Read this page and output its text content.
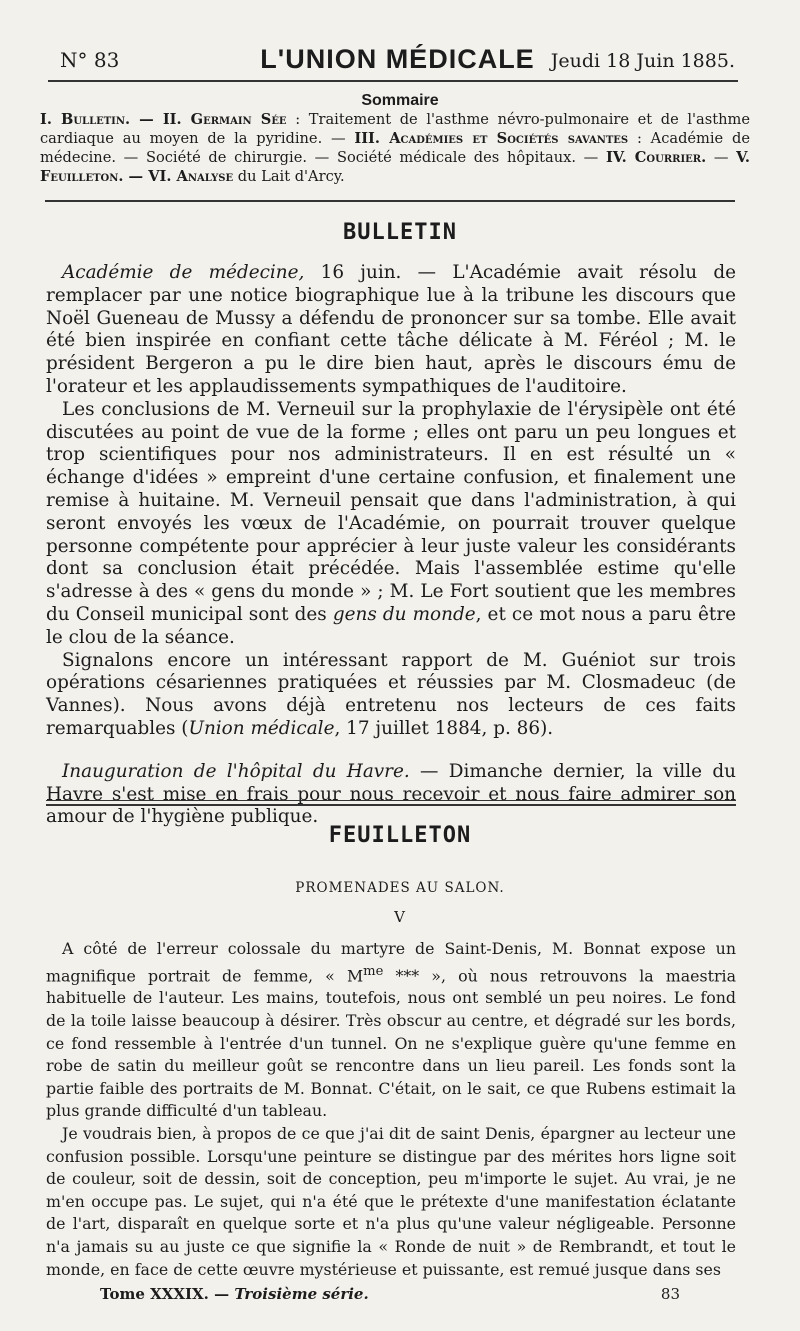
N° 83	L'UNION MÉDICALE Jeudi 18 Juin 1885.
Sommaire
I. Bulletin. — II. Germain Sée : Traitement de l'asthme névro-pulmonaire et de l'asthme cardiaque au moyen de la pyridine. — III. Académies et Sociétés savantes : Académie de médecine. — Société de chirurgie. — Société médicale des hôpitaux. — IV. Courrier. — V. Feuilleton. — VI. Analyse du Lait d'Arcy.
BULLETIN

Académie de médecine, 16 juin. — L'Académie avait résolu de remplacer par une notice biographique lue à la tribune les discours que Noël Gueneau de Mussy a défendu de prononcer sur sa tombe. Elle avait été bien inspirée en confiant cette tâche délicate à M. Féréol ; M. le président Bergeron a pu le dire bien haut, après le discours ému de l'orateur et les applaudissements sympathiques de l'auditoire.

Les conclusions de M. Verneuil sur la prophylaxie de l'érysipèle ont été discutées au point de vue de la forme ; elles ont paru un peu longues et trop scientifiques pour nos administrateurs. Il en est résulté un « échange d'idées » empreint d'une certaine confusion, et finalement une remise à huitaine. M. Verneuil pensait que dans l'administration, à qui seront envoyés les vœux de l'Académie, on pourrait trouver quelque personne compétente pour apprécier à leur juste valeur les considérants dont sa conclusion était précédée. Mais l'assemblée estime qu'elle s'adresse à des « gens du monde » ; M. Le Fort soutient que les membres du Conseil municipal sont des gens du monde, et ce mot nous a paru être le clou de la séance.

Signalons encore un intéressant rapport de M. Guéniot sur trois opérations césariennes pratiquées et réussies par M. Closmadeuc (de Vannes). Nous avons déjà entretenu nos lecteurs de ces faits remarquables (Union médicale, 17 juillet 1884, p. 86).

Inauguration de l'hôpital du Havre. — Dimanche dernier, la ville du Havre s'est mise en frais pour nous recevoir et nous faire admirer son amour de l'hygiène publique.

FEUILLETON
PROMENADES AU SALON.
V

A côté de l'erreur colossale du martyre de Saint-Denis, M. Bonnat expose un magnifique portrait de femme, « $M^{me}$ *** », où nous retrouvons la maestria habituelle de l'auteur. Les mains, toutefois, nous ont semblé un peu noires. Le fond de la toile laisse beaucoup à désirer. Très obscur au centre, et dégradé sur les bords, ce fond ressemble à l'entrée d'un tunnel. On ne s'explique guère qu'une femme en robe de satin du meilleur goût se rencontre dans un lieu pareil. Les fonds sont la partie faible des portraits de M. Bonnat. C'était, on le sait, ce que Rubens estimait la plus grande difficulté d'un tableau.

Je voudrais bien, à propos de ce que j'ai dit de saint Denis, épargner au lecteur une confusion possible. Lorsqu'une peinture se distingue par des mérites hors ligne soit de couleur, soit de dessin, soit de conception, peu m'importe le sujet. Au vrai, je ne m'en occupe pas. Le sujet, qui n'a été que le prétexte d'une manifestation éclatante de l'art, disparaît en quelque sorte et n'a plus qu'une valeur négligeable. Personne n'a jamais su au juste ce que signifie la « Ronde de nuit » de Rembrandt, et tout le monde, en face de cette œuvre mystérieuse et puissante, est remué jusque dans ses

Tome XXXIX. — Troisième série.	83
